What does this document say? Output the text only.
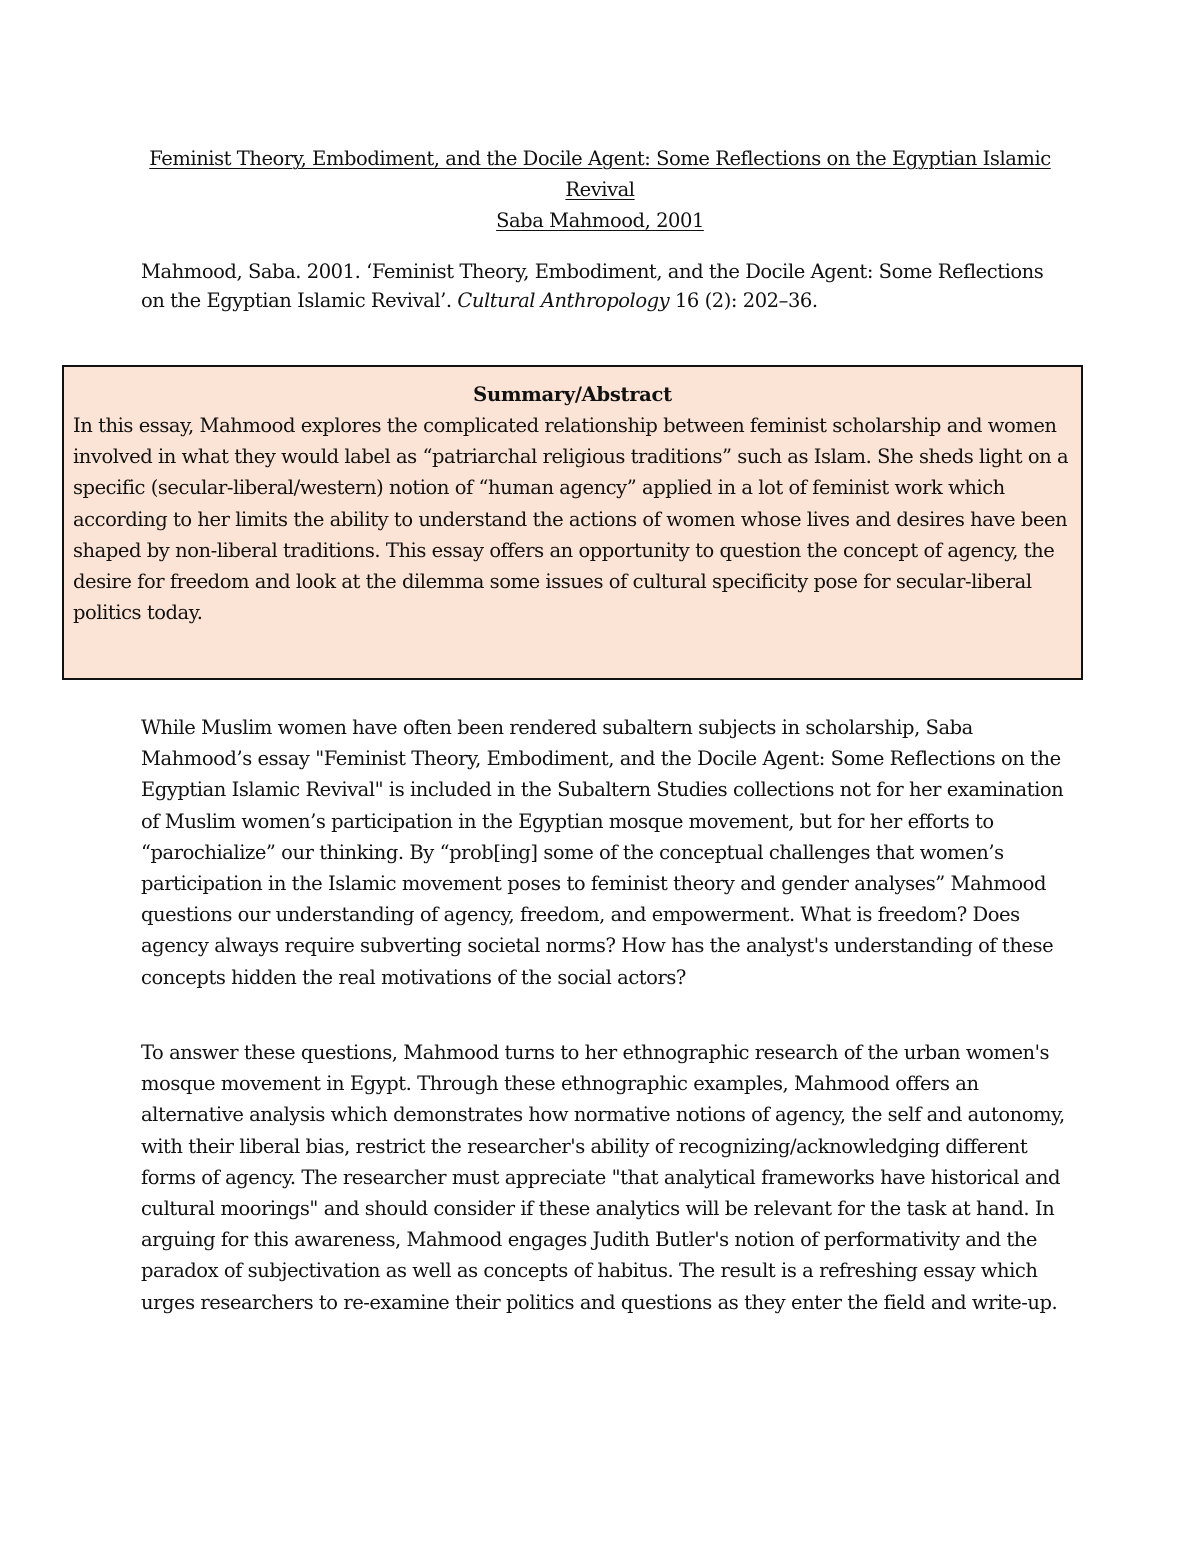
Feminist Theory, Embodiment, and the Docile Agent: Some Reflections on the Egyptian Islamic
Revival
Saba Mahmood, 2001
Mahmood, Saba. 2001. ‘Feminist Theory, Embodiment, and the Docile Agent: Some Reflections on the Egyptian Islamic Revival’. Cultural Anthropology 16 (2): 202–36.
Summary/Abstract
In this essay, Mahmood explores the complicated relationship between feminist scholarship and women involved in what they would label as “patriarchal religious traditions” such as Islam. She sheds light on a specific (secular-liberal/western) notion of “human agency” applied in a lot of feminist work which according to her limits the ability to understand the actions of women whose lives and desires have been shaped by non-liberal traditions. This essay offers an opportunity to question the concept of agency, the desire for freedom and look at the dilemma some issues of cultural specificity pose for secular-liberal politics today.
While Muslim women have often been rendered subaltern subjects in scholarship, Saba Mahmood’s essay "Feminist Theory, Embodiment, and the Docile Agent: Some Reflections on the Egyptian Islamic Revival" is included in the Subaltern Studies collections not for her examination of Muslim women’s participation in the Egyptian mosque movement, but for her efforts to “parochialize” our thinking. By “prob[ing] some of the conceptual challenges that women’s participation in the Islamic movement poses to feminist theory and gender analyses” Mahmood questions our understanding of agency, freedom, and empowerment. What is freedom? Does agency always require subverting societal norms? How has the analyst's understanding of these concepts hidden the real motivations of the social actors?
To answer these questions, Mahmood turns to her ethnographic research of the urban women's mosque movement in Egypt. Through these ethnographic examples, Mahmood offers an alternative analysis which demonstrates how normative notions of agency, the self and autonomy, with their liberal bias, restrict the researcher's ability of recognizing/acknowledging different forms of agency. The researcher must appreciate "that analytical frameworks have historical and cultural moorings" and should consider if these analytics will be relevant for the task at hand. In arguing for this awareness, Mahmood engages Judith Butler's notion of performativity and the paradox of subjectivation as well as concepts of habitus. The result is a refreshing essay which urges researchers to re-examine their politics and questions as they enter the field and write-up.
